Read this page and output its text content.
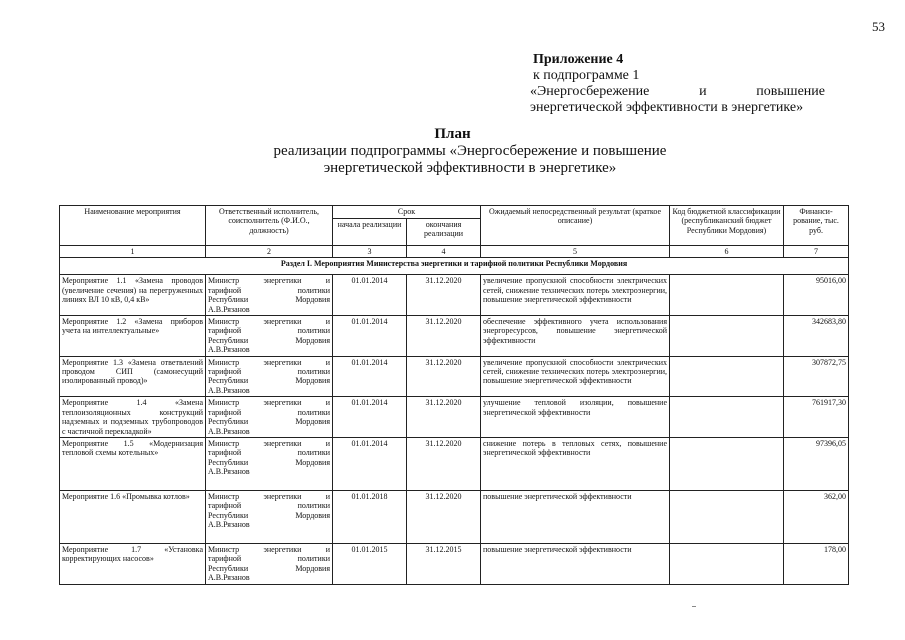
53
Приложение 4
к подпрограмме 1
«Энергосбережение и повышение
энергетической эффективности в энергетике»
План
реализации подпрограммы «Энергосбережение и повышение
энергетической эффективности в энергетике»
Наименование мероприятия	Ответственный исполнитель, соисполнитель (Ф.И.О., должность)	Срок		Ожидаемый непосредственный результат (краткое описание)	Код бюджетной классификации (республиканский бюджет Республики Мордовия)	Финанси-рование, тыс. руб.
		начала реализации	окончания реализации			
1	2	3	4	5	6	7
Раздел I. Мероприятия Министерства энергетики и тарифной политики Республики Мордовия						
Мероприятие 1.1 «Замена проводов (увеличение сечения) на перегруженных линиях ВЛ 10 кВ, 0,4 кВ»	Министр энергетики и
тарифной политики
Республики Мордовия
А.В.Рязанов	01.01.2014	31.12.2020	увеличение пропускной способности электрических сетей, снижение технических потерь электроэнергии, повышение энергетической эффективности		95016,00
Мероприятие 1.2 «Замена приборов учета на интеллектуальные»	Министр энергетики и
тарифной политики
Республики Мордовия
А.В.Рязанов	01.01.2014	31.12.2020	обеспечение эффективного учета использования энергоресурсов, повышение энергетической эффективности		342683,80
Мероприятие 1.3 «Замена ответвлений проводом СИП (самонесущий изолированный провод)»	Министр энергетики и
тарифной политики
Республики Мордовия
А.В.Рязанов	01.01.2014	31.12.2020	увеличение пропускной способности электрических сетей, снижение технических потерь электроэнергии, повышение энергетической эффективности		307872,75
Мероприятие 1.4 «Замена теплоизоляционных конструкций надземных и подземных трубопроводов с частичной перекладкой»	Министр энергетики и
тарифной политики
Республики Мордовия
А.В.Рязанов	01.01.2014	31.12.2020	улучшение тепловой изоляции, повышение энергетической эффективности		761917,30
Мероприятие 1.5 «Модернизация тепловой схемы котельных»	Министр энергетики и
тарифной политики
Республики Мордовия
А.В.Рязанов	01.01.2014	31.12.2020	снижение потерь в тепловых сетях, повышение энергетической эффективности		97396,05
Мероприятие 1.6 «Промывка котлов»	Министр энергетики и
тарифной политики
Республики Мордовия
А.В.Рязанов	01.01.2018	31.12.2020	повышение энергетической эффективности		362,00
Мероприятие 1.7 «Установка корректирующих насосов»	Министр энергетики и
тарифной политики
Республики Мордовия
А.В.Рязанов	01.01.2015	31.12.2015	повышение энергетической эффективности		178,00
